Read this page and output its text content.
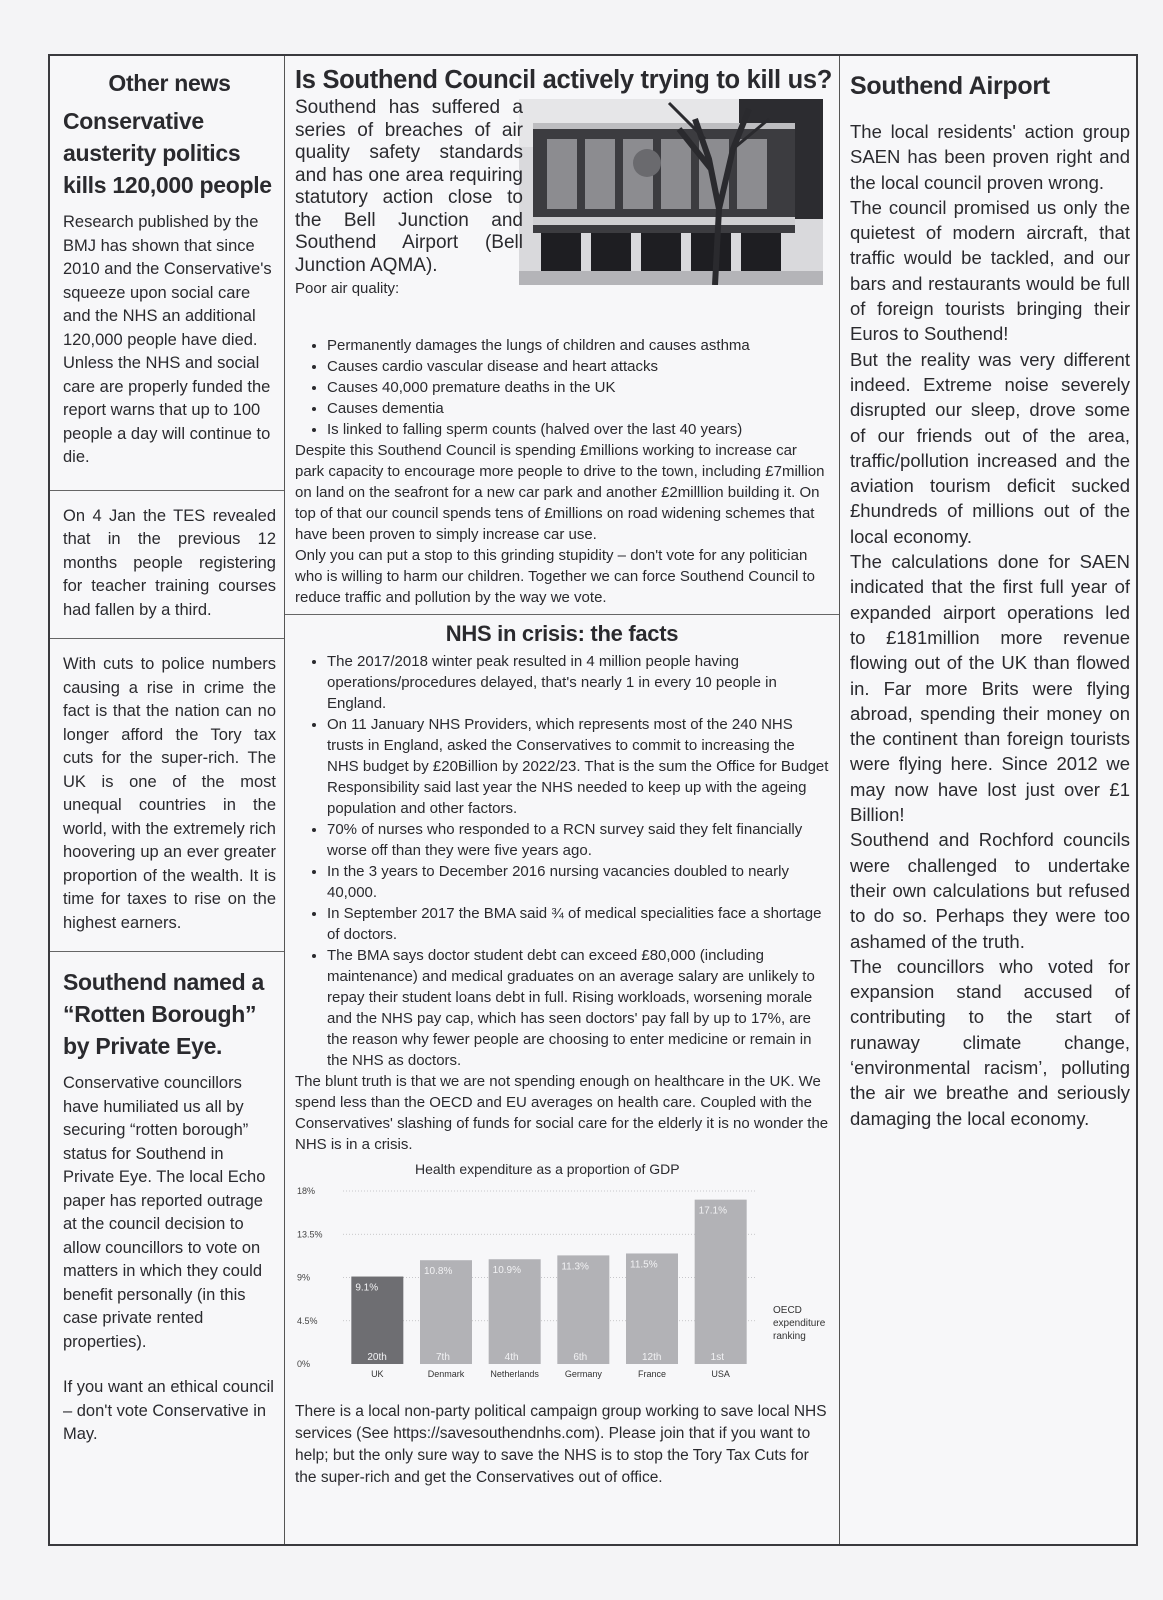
Other news
Conservative austerity politics kills 120,000 people

Research published by the BMJ has shown that since 2010 and the Conservative's squeeze upon social care and the NHS an additional 120,000 people have died. Unless the NHS and social care are properly funded the report warns that up to 100 people a day will continue to die.

On 4 Jan the TES revealed that in the previous 12 months people registering for teacher training courses had fallen by a third.

With cuts to police numbers causing a rise in crime the fact is that the nation can no longer afford the Tory tax cuts for the super-rich. The UK is one of the most unequal countries in the world, with the extremely rich hoovering up an ever greater proportion of the wealth. It is time for taxes to rise on the highest earners.

Southend named a “Rotten Borough” by Private Eye.

Conservative councillors have humiliated us all by securing “rotten borough” status for Southend in Private Eye. The local Echo paper has reported outrage at the council decision to allow councillors to vote on matters in which they could benefit personally (in this case private rented properties).

If you want an ethical council – don't vote Conservative in May.

Is Southend Council actively trying to kill us?
Southend has suffered a series of breaches of air quality safety standards and has one area requiring statutory action close to the Bell Junction and Southend Airport (Bell Junction AQMA).
Poor air quality:
• Permanently damages the lungs of children and causes asthma
• Causes cardio vascular disease and heart attacks
• Causes 40,000 premature deaths in the UK
• Causes dementia
• Is linked to falling sperm counts (halved over the last 40 years)

Despite this Southend Council is spending £millions working to increase car park capacity to encourage more people to drive to the town, including £7million on land on the seafront for a new car park and another £2milllion building it. On top of that our council spends tens of £millions on road widening schemes that have been proven to simply increase car use.

Only you can put a stop to this grinding stupidity – don't vote for any politician who is willing to harm our children. Together we can force Southend Council to reduce traffic and pollution by the way we vote.

NHS in crisis: the facts
• The 2017/2018 winter peak resulted in 4 million people having operations/procedures delayed, that's nearly 1 in every 10 people in England.
• On 11 January NHS Providers, which represents most of the 240 NHS trusts in England, asked the Conservatives to commit to increasing the NHS budget by £20Billion by 2022/23. That is the sum the Office for Budget Responsibility said last year the NHS needed to keep up with the ageing population and other factors.
• 70% of nurses who responded to a RCN survey said they felt financially worse off than they were five years ago.
• In the 3 years to December 2016 nursing vacancies doubled to nearly 40,000.
• In September 2017 the BMA said ¾ of medical specialities face a shortage of doctors.
• The BMA says doctor student debt can exceed £80,000 (including maintenance) and medical graduates on an average salary are unlikely to repay their student loans debt in full. Rising workloads, worsening morale and the NHS pay cap, which has seen doctors' pay fall by up to 17%, are the reason why fewer people are choosing to enter medicine or remain in the NHS as doctors.

The blunt truth is that we are not spending enough on healthcare in the UK. We spend less than the OECD and EU averages on health care. Coupled with the Conservatives' slashing of funds for social care for the elderly it is no wonder the NHS is in a crisis.

Health expenditure as a proportion of GDP
0%
4.5%
9%
13.5%
18%
9.1%
20th
UK
10.8%
7th
Denmark
10.9%
4th
Netherlands
11.3%
6th
Germany
11.5%
12th
France
17.1%
1st
USA
OECD
expenditure
ranking

There is a local non-party political campaign group working to save local NHS services (See https://savesouthendnhs.com). Please join that if you want to help; but the only sure way to save the NHS is to stop the Tory Tax Cuts for the super-rich and get the Conservatives out of office.

Southend Airport

The local residents' action group SAEN has been proven right and the local council proven wrong.

The council promised us only the quietest of modern aircraft, that traffic would be tackled, and our bars and restaurants would be full of foreign tourists bringing their Euros to Southend!

But the reality was very different indeed. Extreme noise severely disrupted our sleep, drove some of our friends out of the area, traffic/pollution increased and the aviation tourism deficit sucked £hundreds of millions out of the local economy.

The calculations done for SAEN indicated that the first full year of expanded airport operations led to £181million more revenue flowing out of the UK than flowed in. Far more Brits were flying abroad, spending their money on the continent than foreign tourists were flying here. Since 2012 we may now have lost just over £1 Billion!

Southend and Rochford councils were challenged to undertake their own calculations but refused to do so. Perhaps they were too ashamed of the truth.

The councillors who voted for expansion stand accused of contributing to the start of runaway climate change, ‘environmental racism’, polluting the air we breathe and seriously damaging the local economy.
